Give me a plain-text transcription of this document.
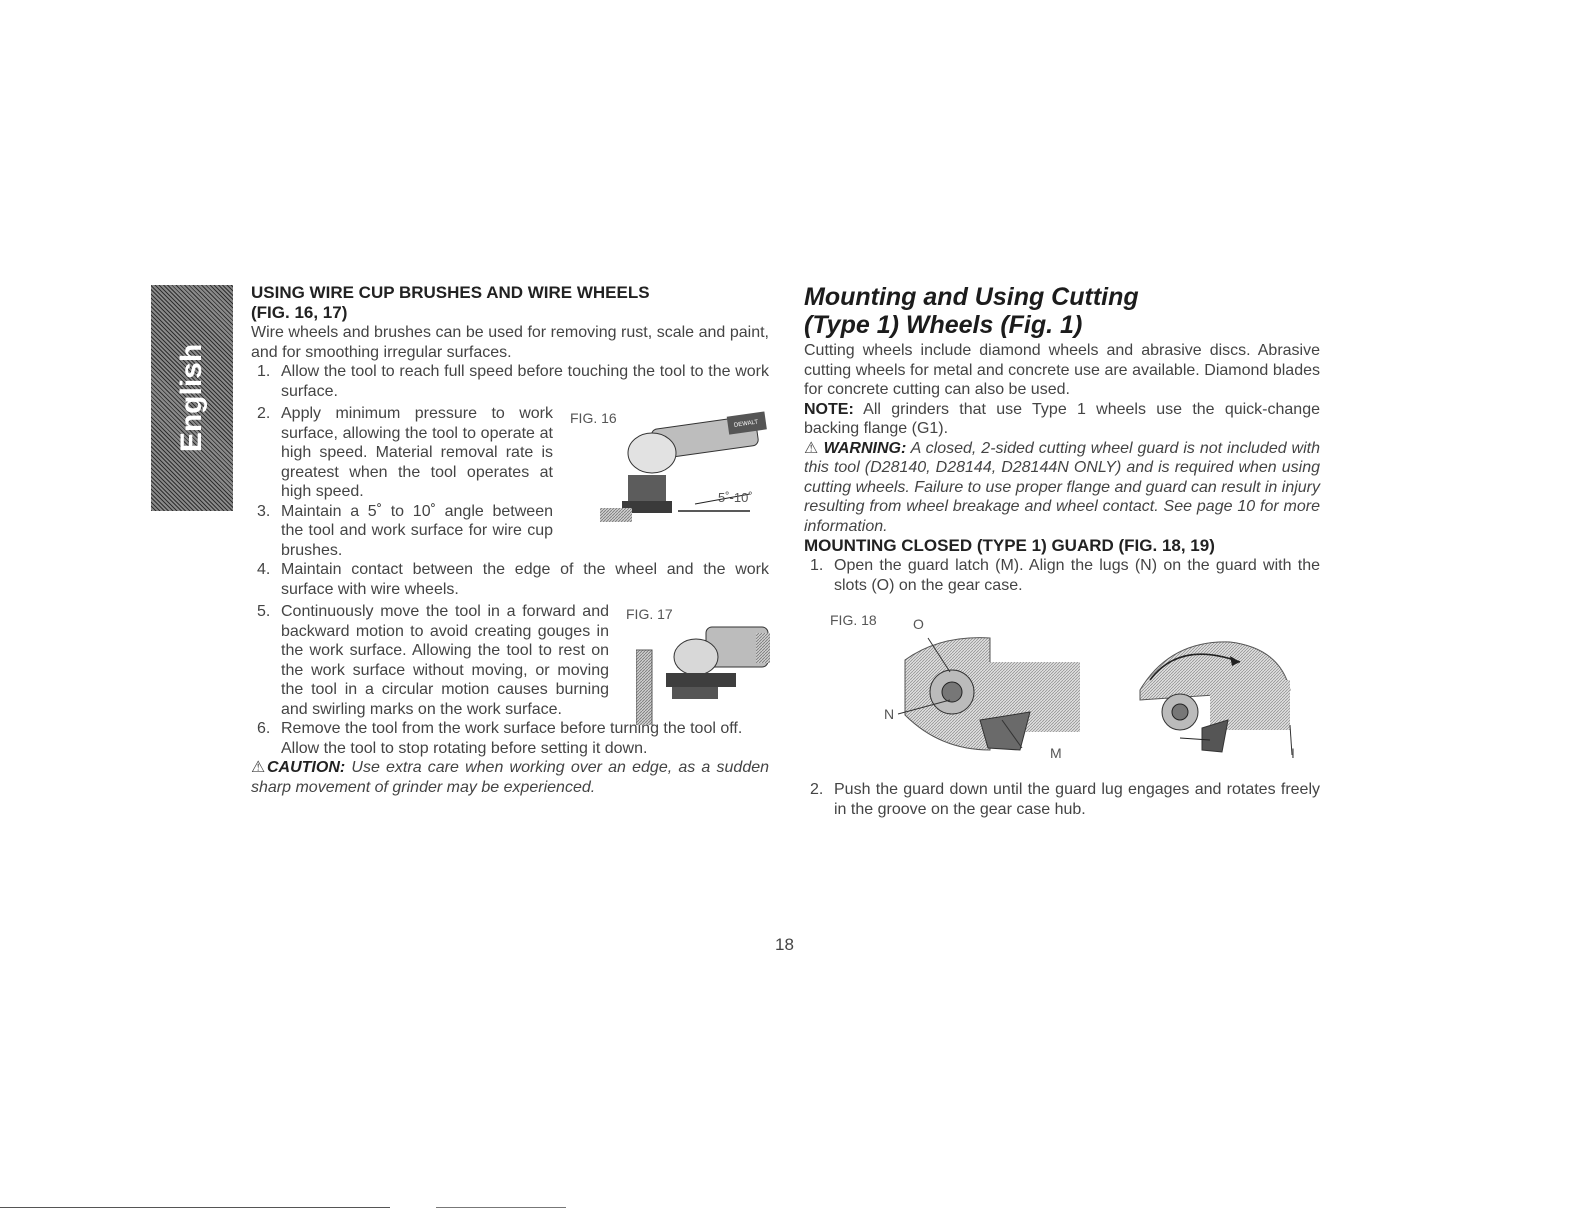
English
USING WIRE CUP BRUSHES AND WIRE WHEELS
(FIG. 16, 17)

Wire wheels and brushes can be used for removing rust, scale and paint, and for smoothing irregular surfaces.

1. Allow the tool to reach full speed before touching the tool to the work surface.
2. Apply minimum pressure to work surface, allowing the tool to operate at high speed. Material removal rate is greatest when the tool operates at high speed.
3. Maintain a 5˚ to 10˚ angle between the tool and work surface for wire cup brushes.
4. Maintain contact between the edge of the wheel and the work surface with wire wheels.
5. Continuously move the tool in a forward and backward motion to avoid creating gouges in the work surface. Allowing the tool to rest on the work surface without moving, or moving the tool in a circular motion causes burning and swirling marks on the work surface.
6. Remove the tool from the work surface before turning the tool off. Allow the tool to stop rotating before setting it down.

⚠CAUTION: Use extra care when working over an edge, as a sudden sharp movement of grinder may be experienced.

FIG. 16	DEWALT
5˚-10˚
FIG. 17
Mounting and Using Cutting
(Type 1) Wheels (Fig. 1)

Cutting wheels include diamond wheels and abrasive discs. Abrasive cutting wheels for metal and concrete use are available. Diamond blades for concrete cutting can also be used.

NOTE: All grinders that use Type 1 wheels use the quick-change backing flange (G1).

⚠ WARNING: A closed, 2-sided cutting wheel guard is not included with this tool (D28140, D28144, D28144N ONLY) and is required when using cutting wheels. Failure to use proper flange and guard can result in injury resulting from wheel breakage and wheel contact. See page 10 for more information.

MOUNTING CLOSED (TYPE 1) GUARD (FIG. 18, 19)
1. Open the guard latch (M). Align the lugs (N) on the guard with the slots (O) on the gear case.
FIG. 18	O
N
M	I
2. Push the guard down until the guard lug engages and rotates freely in the groove on the gear case hub.
18
